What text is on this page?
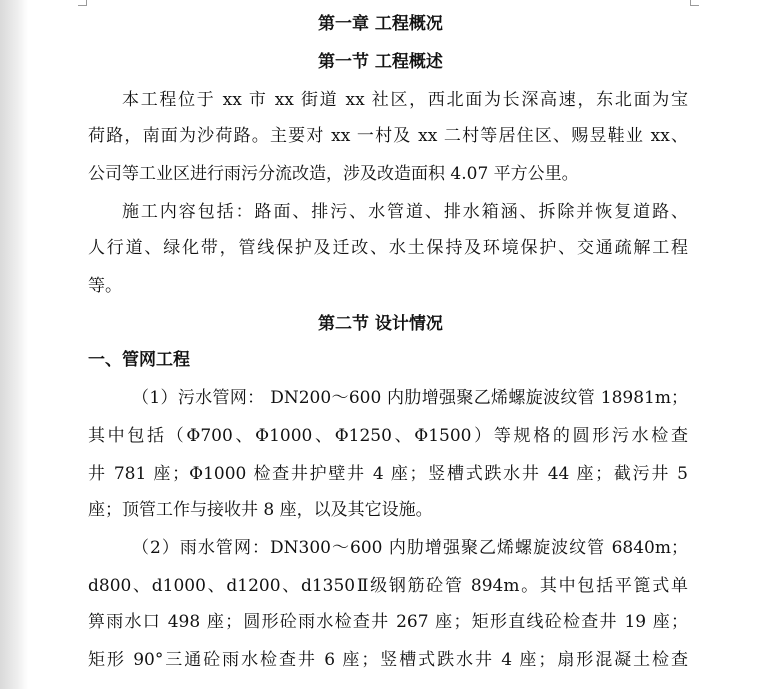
第一章 工程概况
第一节 工程概述
本工程位于 xx 市 xx 街道 xx 社区，西北面为长深高速，东北面为宝
荷路，南面为沙荷路。主要对 xx 一村及 xx 二村等居住区、赐昱鞋业 xx、
公司等工业区进行雨污分流改造，涉及改造面积 4.07 平方公里。
施工内容包括：路面、排污、水管道、排水箱涵、拆除并恢复道路、
人行道、绿化带，管线保护及迁改、水土保持及环境保护、交通疏解工程
等。
第二节 设计情况
一、管网工程
（1）污水管网： DN200～600 内肋增强聚乙烯螺旋波纹管 18981m；
其中包括（Φ700、Φ1000、Φ1250、Φ1500）等规格的圆形污水检查
井 781 座；Φ1000 检查井护壁井 4 座；竖槽式跌水井 44 座；截污井 5
座；顶管工作与接收井 8 座，以及其它设施。
（2）雨水管网：DN300～600 内肋增强聚乙烯螺旋波纹管 6840m；
d800、d1000、d1200、d1350Ⅱ级钢筋砼管 894m。其中包括平篦式单
箅雨水口 498 座；圆形砼雨水检查井 267 座；矩形直线砼检查井 19 座；
矩形 90°三通砼雨水检查井 6 座；竖槽式跌水井 4 座；扇形混凝土检查
